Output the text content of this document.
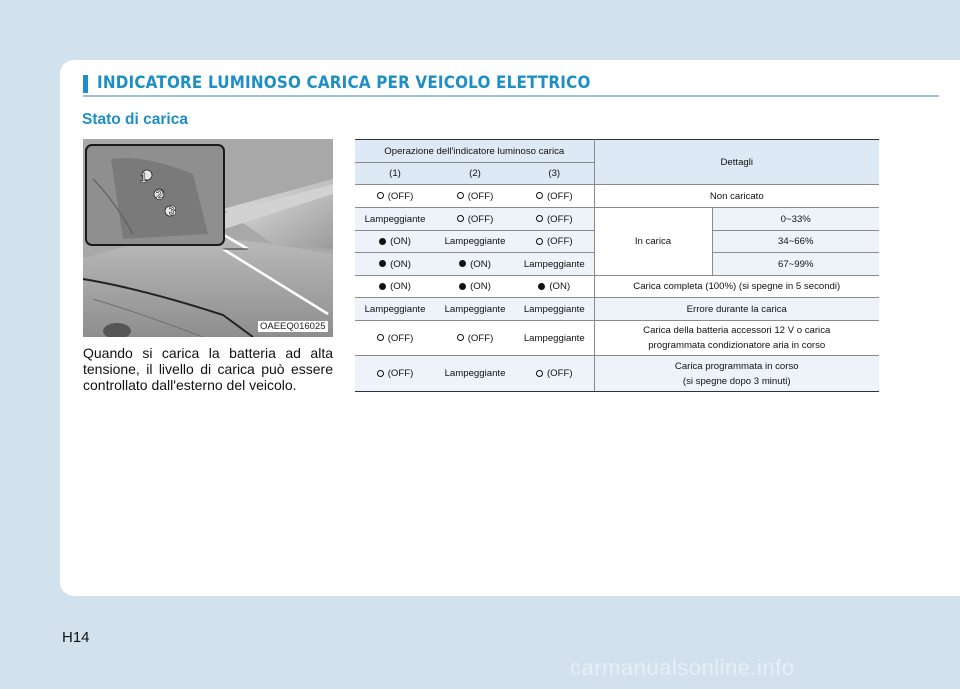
INDICATORE LUMINOSO CARICA PER VEICOLO ELETTRICO
Stato di carica
1
2
3
OAEEQ016025
Quando si carica la batteria ad alta tensione, il livello di carica può essere controllato dall'esterno del veicolo.
Operazione dell'indicatore luminoso carica			Dettagli	
(1)	(2)	(3)		
(OFF)	(OFF)	(OFF)	Non caricato	
Lampeggiante	(OFF)	(OFF)	In carica	0~33%
(ON)	Lampeggiante	(OFF)		34~66%
(ON)	(ON)	Lampeggiante		67~99%
(ON)	(ON)	(ON)	Carica completa (100%) (si spegne in 5 secondi)	
Lampeggiante	Lampeggiante	Lampeggiante	Errore durante la carica	
(OFF)	(OFF)	Lampeggiante	Carica della batteria accessori 12 V o carica
programmata condizionatore aria in corso	

(OFF)	Lampeggiante	(OFF)	Carica programmata in corso
(si spegne dopo 3 minuti)	
H14
carmanualsonline.info
